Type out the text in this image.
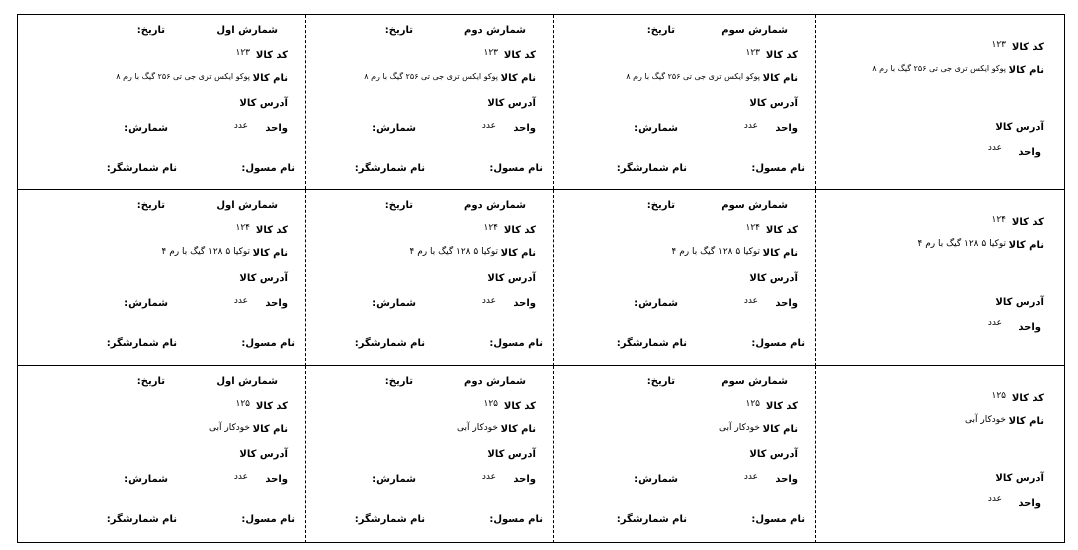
شمارش اول
تاریخ:
کد کالا
۱۲۳
نام کالا
پوکو ایکس تری جی تی ۲۵۶ گیگ با رم ۸
آدرس کالا
واحد
عدد
شمارش:
نام مسول:
نام شمارشگر:
شمارش دوم
تاریخ:
کد کالا
۱۲۳
نام کالا
پوکو ایکس تری جی تی ۲۵۶ گیگ با رم ۸
آدرس کالا
واحد
عدد
شمارش:
نام مسول:
نام شمارشگر:
شمارش سوم
تاریخ:
کد کالا
۱۲۳
نام کالا
پوکو ایکس تری جی تی ۲۵۶ گیگ با رم ۸
آدرس کالا
واحد
عدد
شمارش:
نام مسول:
نام شمارشگر:
کد کالا
۱۲۳
نام کالا
پوکو ایکس تری جی تی ۲۵۶ گیگ با رم ۸
آدرس کالا
واحد
عدد
شمارش اول
تاریخ:
کد کالا
۱۲۴
نام کالا
توکیا ۵ ۱۲۸ گیگ با رم ۴
آدرس کالا
واحد
عدد
شمارش:
نام مسول:
نام شمارشگر:
شمارش دوم
تاریخ:
کد کالا
۱۲۴
نام کالا
توکیا ۵ ۱۲۸ گیگ با رم ۴
آدرس کالا
واحد
عدد
شمارش:
نام مسول:
نام شمارشگر:
شمارش سوم
تاریخ:
کد کالا
۱۲۴
نام کالا
توکیا ۵ ۱۲۸ گیگ با رم ۴
آدرس کالا
واحد
عدد
شمارش:
نام مسول:
نام شمارشگر:
کد کالا
۱۲۴
نام کالا
توکیا ۵ ۱۲۸ گیگ با رم ۴
آدرس کالا
واحد
عدد
شمارش اول
تاریخ:
کد کالا
۱۲۵
نام کالا
خودکار آبی
آدرس کالا
واحد
عدد
شمارش:
نام مسول:
نام شمارشگر:
شمارش دوم
تاریخ:
کد کالا
۱۲۵
نام کالا
خودکار آبی
آدرس کالا
واحد
عدد
شمارش:
نام مسول:
نام شمارشگر:
شمارش سوم
تاریخ:
کد کالا
۱۲۵
نام کالا
خودکار آبی
آدرس کالا
واحد
عدد
شمارش:
نام مسول:
نام شمارشگر:
کد کالا
۱۲۵
نام کالا
خودکار آبی
آدرس کالا
واحد
عدد
